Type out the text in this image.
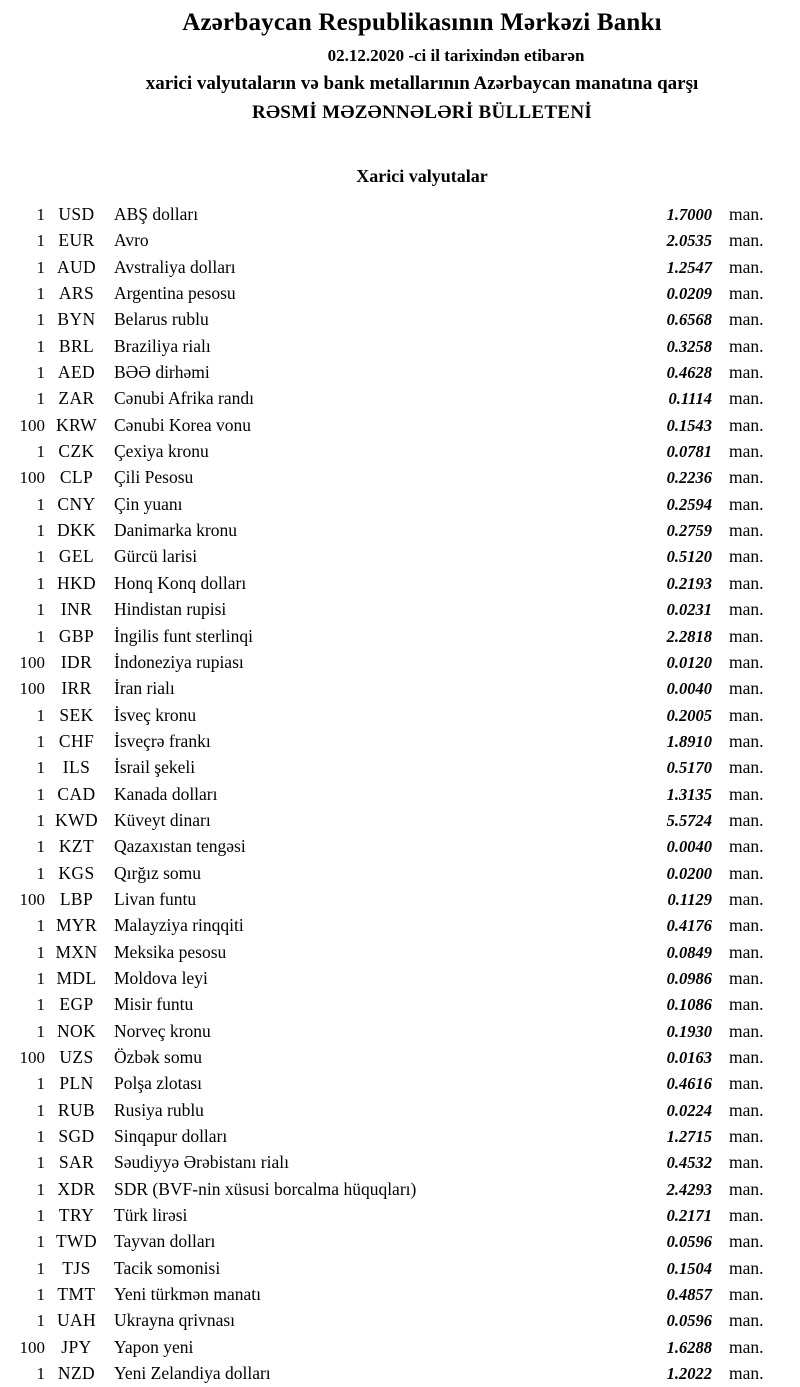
Azərbaycan Respublikasının Mərkəzi Bankı
02.12.2020 -ci il tarixindən etibarən
xarici valyutaların və bank metallarının Azərbaycan manatına qarşı
RƏSMİ MƏZƏNNƏLƏRİ BÜLLETENİ
Xarici valyutalar
1 USD	ABŞ dolları	1.7000 man.
1 EUR	Avro	2.0535 man.
1 AUD	Avstraliya dolları	1.2547 man.
1 ARS	Argentina pesosu	0.0209 man.
1 BYN	Belarus rublu	0.6568 man.
1 BRL	Braziliya rialı	0.3258 man.
1 AED	BƏƏ dirhəmi	0.4628 man.
1 ZAR	Cənubi Afrika randı	0.1114 man.
100 KRW Cənubi Korea vonu	0.1543 man.
1 CZK	Çexiya kronu	0.0781 man.
100 CLP	Çili Pesosu	0.2236 man.
1 CNY	Çin yuanı	0.2594 man.
1 DKK	Danimarka kronu	0.2759 man.
1 GEL	Gürcü larisi	0.5120 man.
1 HKD	Honq Konq dolları	0.2193 man.
1 INR	Hindistan rupisi	0.0231 man.
1 GBP	İngilis funt sterlinqi	2.2818 man.
100 IDR	İndoneziya rupiası	0.0120 man.
100 IRR	İran rialı	0.0040 man.
1 SEK	İsveç kronu	0.2005 man.
1 CHF	İsveçrə frankı	1.8910 man.
1	ILS	İsrail şekeli	0.5170 man.
1 CAD	Kanada dolları	1.3135 man.
1 KWD Küveyt dinarı	5.5724 man.
1 KZT	Qazaxıstan tengəsi	0.0040 man.
1 KGS	Qırğız somu	0.0200 man.
100 LBP	Livan funtu	0.1129 man.
1 MYR Malayziya rinqqiti	0.4176 man.
1 MXN Meksika pesosu	0.0849 man.
1 MDL Moldova leyi	0.0986 man.
1 EGP	Misir funtu	0.1086 man.
1 NOK	Norveç kronu	0.1930 man.
100 UZS	Özbək somu	0.0163 man.
1 PLN	Polşa zlotası	0.4616 man.
1 RUB	Rusiya rublu	0.0224 man.
1 SGD	Sinqapur dolları	1.2715 man.
1 SAR	Səudiyyə Ərəbistanı rialı	0.4532 man.
1 XDR	SDR (BVF-nin xüsusi borcalma hüquqları)	2.4293 man.
1 TRY	Türk lirəsi	0.2171 man.
1 TWD Tayvan dolları	0.0596 man.
1 TJS	Tacik somonisi	0.1504 man.
1 TMT	Yeni türkmən manatı	0.4857 man.
1 UAH	Ukrayna qrivnası	0.0596 man.
100 JPY	Yapon yeni	1.6288 man.
1 NZD	Yeni Zelandiya dolları	1.2022 man.
